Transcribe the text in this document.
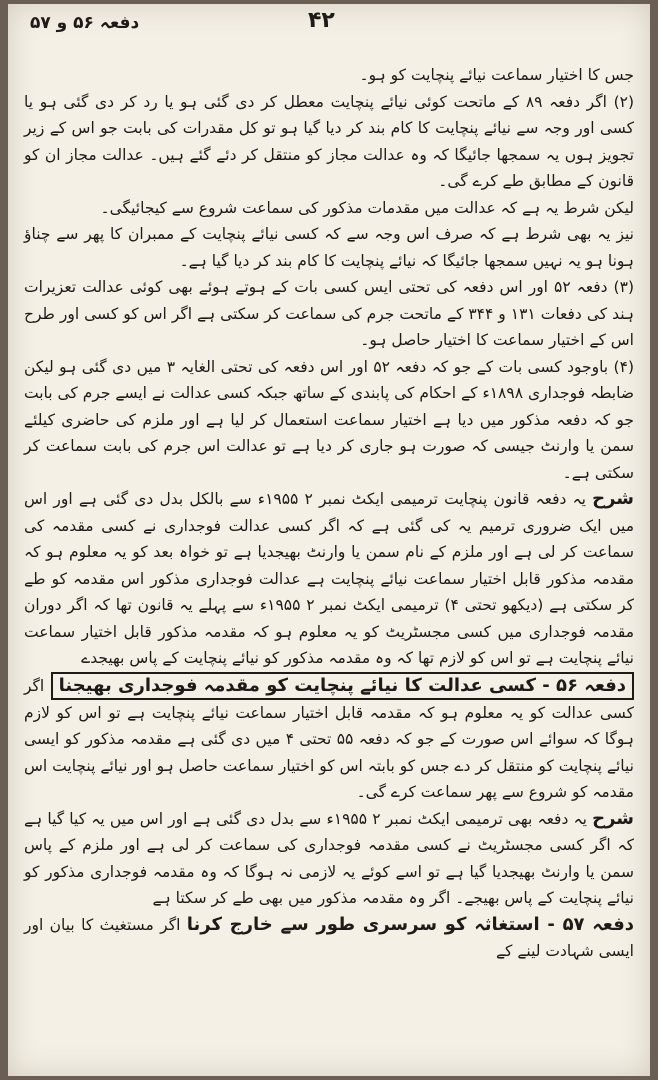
دفعہ ۵۶ و ۵۷	۴۲

جس کا اختیار سماعت نیائے پنچایت کو ہو۔

(۲) اگر دفعہ ۸۹ کے ماتحت کوئی نیائے پنچایت معطل کر دی گئی ہو یا رد کر دی گئی ہو یا کسی اور وجہ سے نیائے پنچایت کا کام بند کر دیا گیا ہو تو کل مقدرات کی بابت جو اس کے زیر تجویز ہوں یہ سمجھا جائیگا کہ وہ عدالت مجاز کو منتقل کر دئے گئے ہیں۔ عدالت مجاز ان کو قانون کے مطابق طے کرے گی۔

لیکن شرط یہ ہے کہ عدالت میں مقدمات مذکور کی سماعت شروع سے کیجائیگی۔

نیز یہ بھی شرط ہے کہ صرف اس وجہ سے کہ کسی نیائے پنچایت کے ممبران کا پھر سے چناؤ ہونا ہو یہ نہیں سمجھا جائیگا کہ نیائے پنچایت کا کام بند کر دیا گیا ہے۔

(۳) دفعہ ۵۲ اور اس دفعہ کی تحتی ایس کسی بات کے ہوتے ہوئے بھی کوئی عدالت تعزیرات ہند کی دفعات ۱۳۱ و ۳۴۴ کے ماتحت جرم کی سماعت کر سکتی ہے اگر اس کو کسی اور طرح اس کے اختیار سماعت کا اختیار حاصل ہو۔

(۴) باوجود کسی بات کے جو کہ دفعہ ۵۲ اور اس دفعہ کی تحتی الغایہ ۳ میں دی گئی ہو لیکن ضابطہ فوجداری ۱۸۹۸ء کے احکام کی پابندی کے ساتھ جبکہ کسی عدالت نے ایسے جرم کی بابت جو کہ دفعہ مذکور میں دیا ہے اختیار سماعت استعمال کر لیا ہے اور ملزم کی حاضری کیلئے سمن یا وارنٹ جیسی کہ صورت ہو جاری کر دیا ہے تو عدالت اس جرم کی بابت سماعت کر سکتی ہے۔

شرح یہ دفعہ قانون پنچایت ترمیمی ایکٹ نمبر ۲ ۱۹۵۵ء سے بالکل بدل دی گئی ہے اور اس میں ایک ضروری ترمیم یہ کی گئی ہے کہ اگر کسی عدالت فوجداری نے کسی مقدمہ کی سماعت کر لی ہے اور ملزم کے نام سمن یا وارنٹ بھیجدیا ہے تو خواہ بعد کو یہ معلوم ہو کہ مقدمہ مذکور قابل اختیار سماعت نیائے پنچایت ہے عدالت فوجداری مذکور اس مقدمہ کو طے کر سکتی ہے (دیکھو تحتی ۴) ترمیمی ایکٹ نمبر ۲ ۱۹۵۵ء سے پہلے یہ قانون تھا کہ اگر دوران مقدمہ فوجداری میں کسی مجسٹریٹ کو یہ معلوم ہو کہ مقدمہ مذکور قابل اختیار سماعت نیائے پنچایت ہے تو اس کو لازم تھا کہ وہ مقدمہ مذکور کو نیائے پنچایت کے پاس بھیجدے

دفعہ ۵۶ - کسی عدالت کا نیائے پنچایت کو مقدمہ فوجداری بھیجنا اگر کسی عدالت کو یہ معلوم ہو کہ مقدمہ قابل اختیار سماعت نیائے پنچایت ہے تو اس کو لازم ہوگا کہ سوائے اس صورت کے جو کہ دفعہ ۵۵ تحتی ۴ میں دی گئی ہے مقدمہ مذکور کو ایسی نیائے پنچایت کو منتقل کر دے جس کو بابتہ اس کو اختیار سماعت حاصل ہو اور نیائے پنچایت اس مقدمہ کو شروع سے پھر سماعت کرے گی۔

شرح یہ دفعہ بھی ترمیمی ایکٹ نمبر ۲ ۱۹۵۵ء سے بدل دی گئی ہے اور اس میں یہ کیا گیا ہے کہ اگر کسی مجسٹریٹ نے کسی مقدمہ فوجداری کی سماعت کر لی ہے اور ملزم کے پاس سمن یا وارنٹ بھیجدیا گیا ہے تو اسے کوئے یہ لازمی نہ ہوگا کہ وہ مقدمہ فوجداری مذکور کو نیائے پنچایت کے پاس بھیجے۔ اگر وہ مقدمہ مذکور میں بھی طے کر سکتا ہے

دفعہ ۵۷ - استغاثہ کو سرسری طور سے خارج کرنا اگر مستغیث کا بیان اور ایسی شہادت لینے کے
